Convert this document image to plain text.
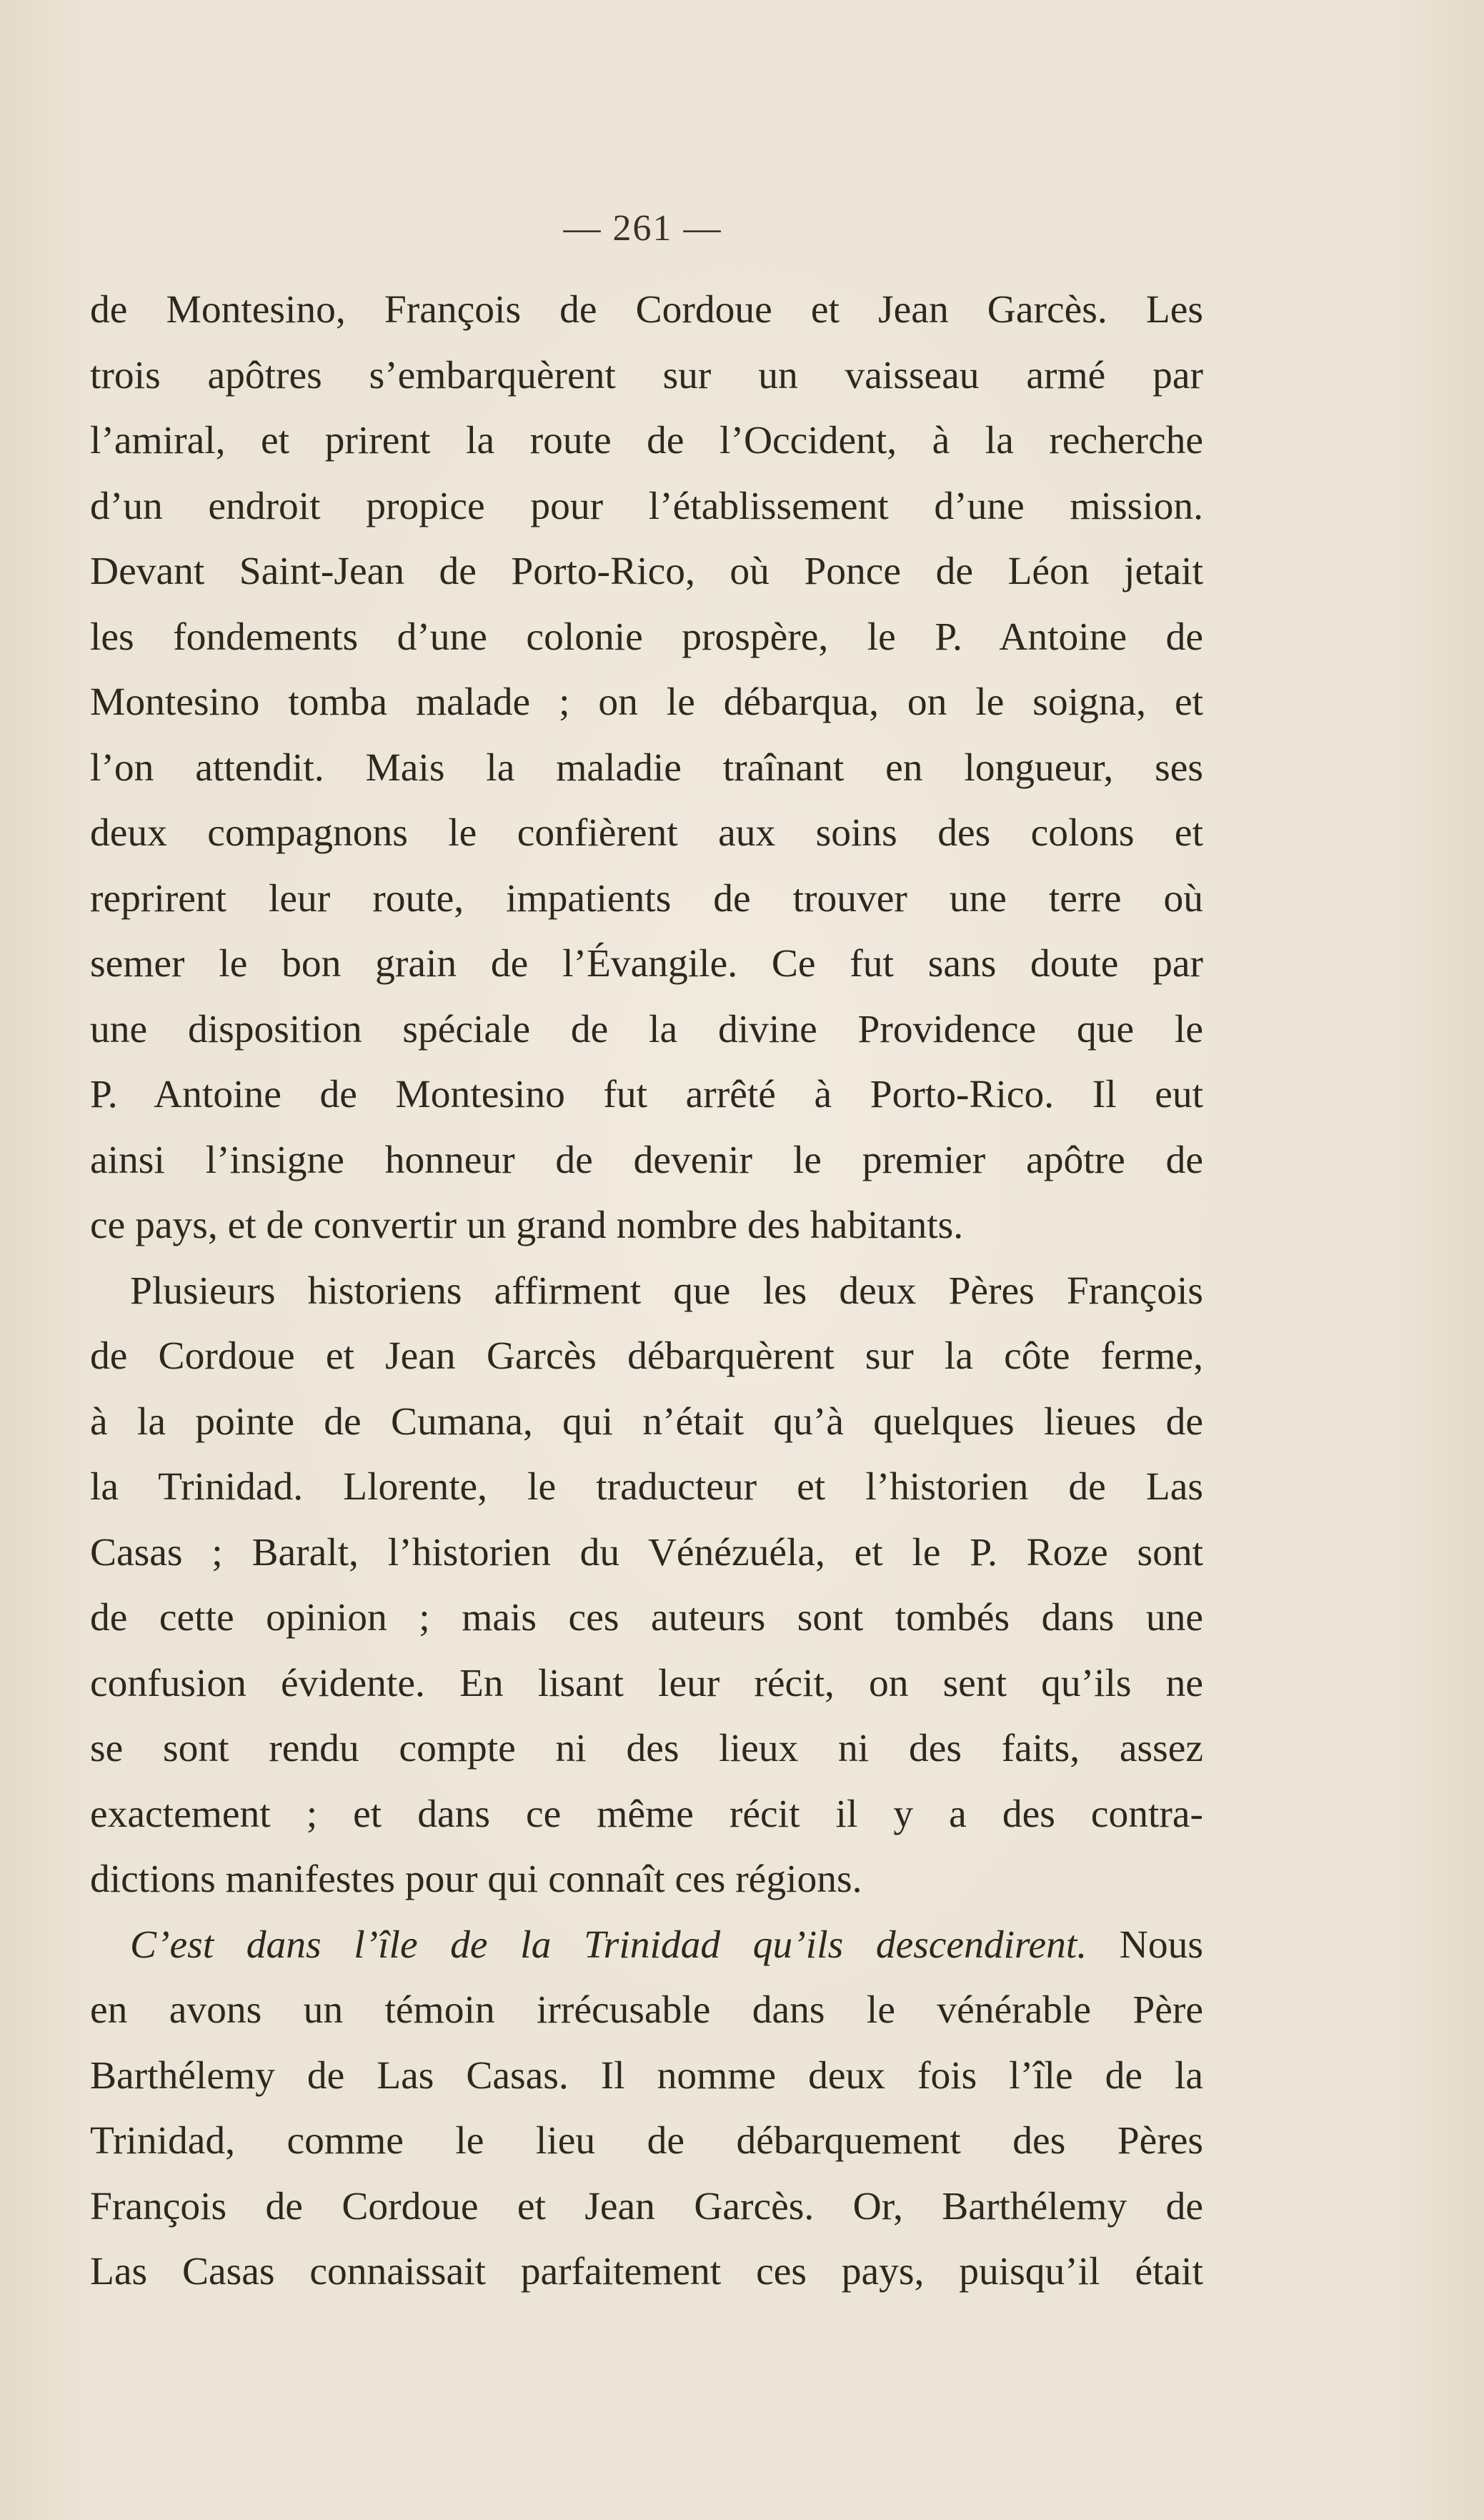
— 261 —
de Montesino, François de Cordoue et Jean Garcès. Les
trois apôtres s’embarquèrent sur un vaisseau armé par
l’amiral, et prirent la route de l’Occident, à la recherche
d’un endroit propice pour l’établissement d’une mission.
Devant Saint-Jean de Porto-Rico, où Ponce de Léon jetait
les fondements d’une colonie prospère, le P. Antoine de
Montesino tomba malade ; on le débarqua, on le soigna, et
l’on attendit. Mais la maladie traînant en longueur, ses
deux compagnons le confièrent aux soins des colons et
reprirent leur route, impatients de trouver une terre où
semer le bon grain de l’Évangile. Ce fut sans doute par
une disposition spéciale de la divine Providence que le
P. Antoine de Montesino fut arrêté à Porto-Rico. Il eut
ainsi l’insigne honneur de devenir le premier apôtre de
ce pays, et de convertir un grand nombre des habitants.
Plusieurs historiens affirment que les deux Pères François
de Cordoue et Jean Garcès débarquèrent sur la côte ferme,
à la pointe de Cumana, qui n’était qu’à quelques lieues de
la Trinidad. Llorente, le traducteur et l’historien de Las
Casas ; Baralt, l’historien du Vénézuéla, et le P. Roze sont
de cette opinion ; mais ces auteurs sont tombés dans une
confusion évidente. En lisant leur récit, on sent qu’ils ne
se sont rendu compte ni des lieux ni des faits, assez
exactement ; et dans ce même récit il y a des contra-
dictions manifestes pour qui connaît ces régions.
C’est dans l’île de la Trinidad qu’ils descendirent. Nous
en avons un témoin irrécusable dans le vénérable Père
Barthélemy de Las Casas. Il nomme deux fois l’île de la
Trinidad, comme le lieu de débarquement des Pères
François de Cordoue et Jean Garcès. Or, Barthélemy de
Las Casas connaissait parfaitement ces pays, puisqu’il était
